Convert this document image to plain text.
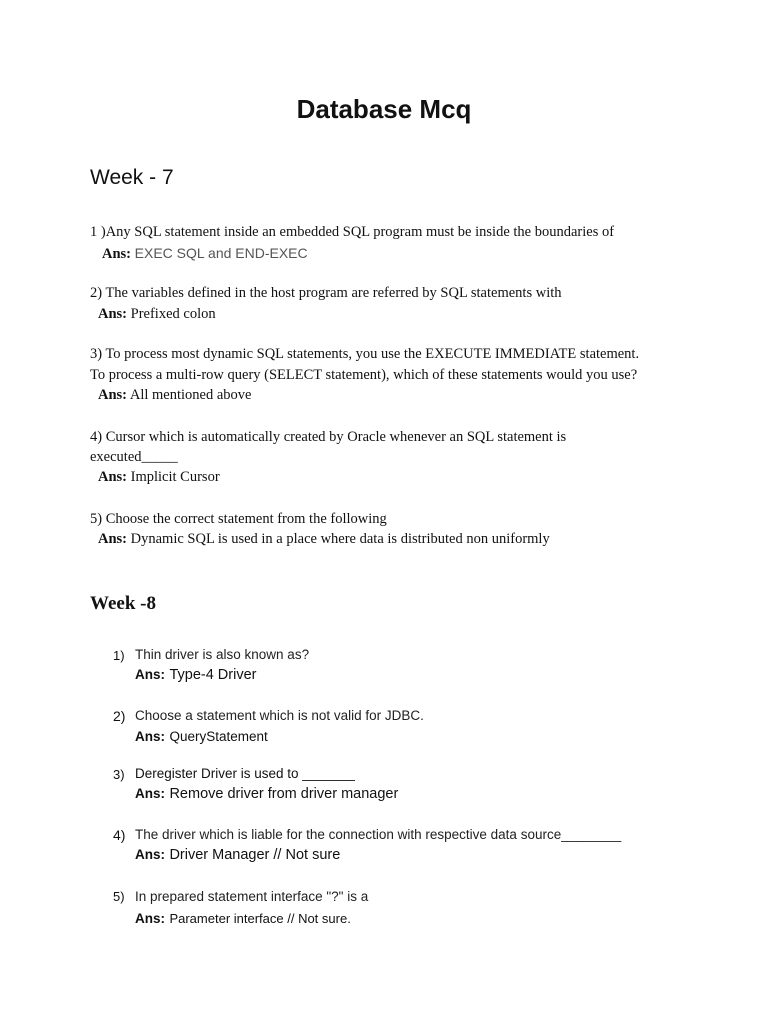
Database Mcq
Week - 7
1 )Any SQL statement inside an embedded SQL program must be inside the boundaries of
Ans: EXEC SQL and END-EXEC
2) The variables defined in the host program are referred by SQL statements with
Ans: Prefixed colon
3) To process most dynamic SQL statements, you use the EXECUTE IMMEDIATE statement.
To process a multi-row query (SELECT statement), which of these statements would you use?
Ans: All mentioned above
4) Cursor which is automatically created by Oracle whenever an SQL statement is
executed_____
Ans: Implicit Cursor
5) Choose the correct statement from the following
Ans: Dynamic SQL is used in a place where data is distributed non uniformly
Week -8
1) Thin driver is also known as?
Ans: Type-4 Driver
2) Choose a statement which is not valid for JDBC.
Ans: QueryStatement
3) Deregister Driver is used to _______
Ans: Remove driver from driver manager
4) The driver which is liable for the connection with respective data source________
Ans: Driver Manager // Not sure
5) In prepared statement interface "?" is a
Ans: Parameter interface // Not sure.
